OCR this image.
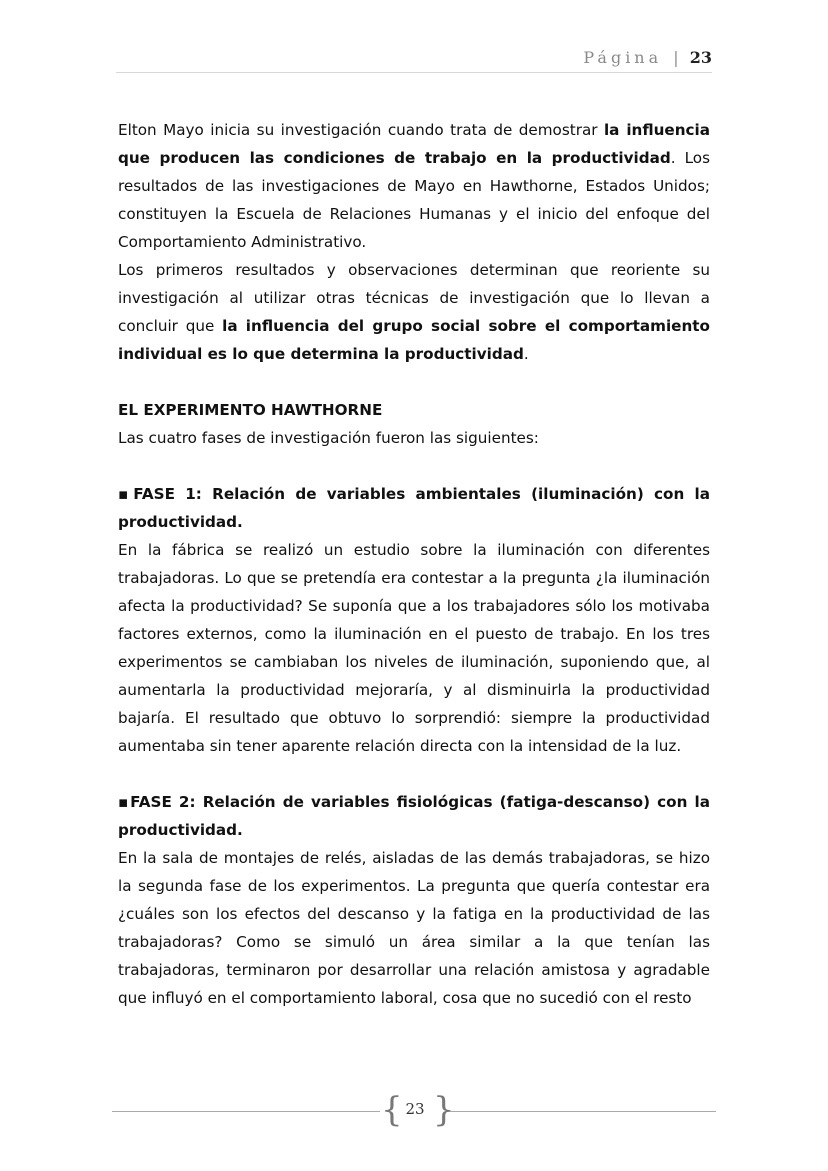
Página | 23

Elton Mayo inicia su investigación cuando trata de demostrar la influencia que producen las condiciones de trabajo en la productividad. Los resultados de las investigaciones de Mayo en Hawthorne, Estados Unidos; constituyen la Escuela de Relaciones Humanas y el inicio del enfoque del Comportamiento Administrativo.

Los primeros resultados y observaciones determinan que reoriente su investigación al utilizar otras técnicas de investigación que lo llevan a concluir que la influencia del grupo social sobre el comportamiento individual es lo que determina la productividad.

EL EXPERIMENTO HAWTHORNE

Las cuatro fases de investigación fueron las siguientes:

▪FASE 1: Relación de variables ambientales (iluminación) con la productividad.

En la fábrica se realizó un estudio sobre la iluminación con diferentes trabajadoras. Lo que se pretendía era contestar a la pregunta ¿la iluminación afecta la productividad? Se suponía que a los trabajadores sólo los motivaba factores externos, como la iluminación en el puesto de trabajo. En los tres experimentos se cambiaban los niveles de iluminación, suponiendo que, al aumentarla la productividad mejoraría, y al disminuirla la productividad bajaría. El resultado que obtuvo lo sorprendió: siempre la productividad aumentaba sin tener aparente relación directa con la intensidad de la luz.

▪FASE 2: Relación de variables fisiológicas (fatiga-descanso) con la productividad.

En la sala de montajes de relés, aisladas de las demás trabajadoras, se hizo la segunda fase de los experimentos. La pregunta que quería contestar era ¿cuáles son los efectos del descanso y la fatiga en la productividad de las trabajadoras? Como se simuló un área similar a la que tenían las trabajadoras, terminaron por desarrollar una relación amistosa y agradable que influyó en el comportamiento laboral, cosa que no sucedió con el resto

{ 23 }
